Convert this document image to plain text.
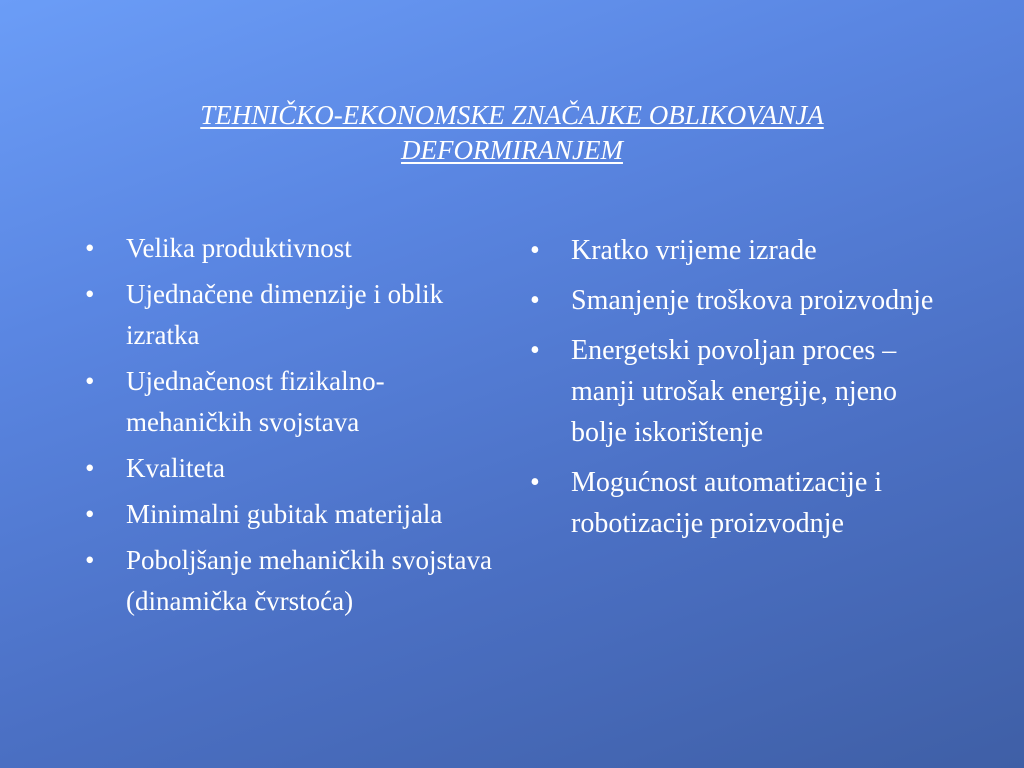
TEHNIČKO-EKONOMSKE ZNAČAJKE OBLIKOVANJA
DEFORMIRANJEM
•	Velika produktivnost
•	Ujednačene dimenzije i oblik izratka
•	Ujednačenost fizikalno-mehaničkih svojstava
•	Kvaliteta
•	Minimalni gubitak materijala
•	Poboljšanje mehaničkih svojstava (dinamička čvrstoća)
•	Kratko vrijeme izrade
•	Smanjenje troškova proizvodnje
•	Energetski povoljan proces – manji utrošak energije, njeno bolje iskorištenje
•	Mogućnost automatizacije i robotizacije proizvodnje
